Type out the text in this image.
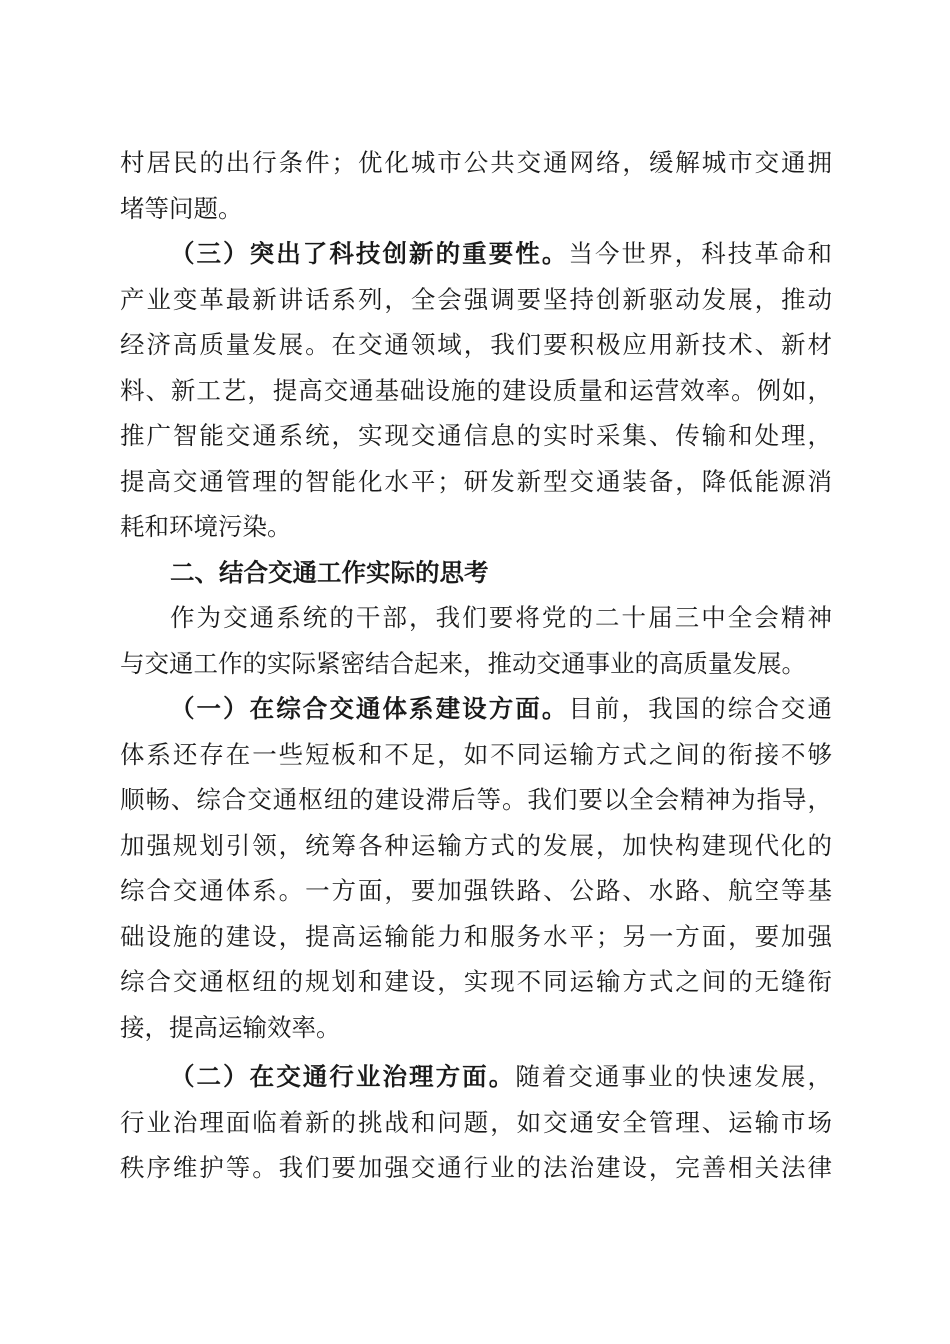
村居民的出行条件；优化城市公共交通网络，缓解城市交通拥
堵等问题。
（三）突出了科技创新的重要性。当今世界，科技革命和
产业变革最新讲话系列，全会强调要坚持创新驱动发展，推动
经济高质量发展。在交通领域，我们要积极应用新技术、新材
料、新工艺，提高交通基础设施的建设质量和运营效率。例如，
推广智能交通系统，实现交通信息的实时采集、传输和处理，
提高交通管理的智能化水平；研发新型交通装备，降低能源消
耗和环境污染。
二、结合交通工作实际的思考
作为交通系统的干部，我们要将党的二十届三中全会精神
与交通工作的实际紧密结合起来，推动交通事业的高质量发展。
（一）在综合交通体系建设方面。目前，我国的综合交通
体系还存在一些短板和不足，如不同运输方式之间的衔接不够
顺畅、综合交通枢纽的建设滞后等。我们要以全会精神为指导，
加强规划引领，统筹各种运输方式的发展，加快构建现代化的
综合交通体系。一方面，要加强铁路、公路、水路、航空等基
础设施的建设，提高运输能力和服务水平；另一方面，要加强
综合交通枢纽的规划和建设，实现不同运输方式之间的无缝衔
接，提高运输效率。
（二）在交通行业治理方面。随着交通事业的快速发展，
行业治理面临着新的挑战和问题，如交通安全管理、运输市场
秩序维护等。我们要加强交通行业的法治建设，完善相关法律
